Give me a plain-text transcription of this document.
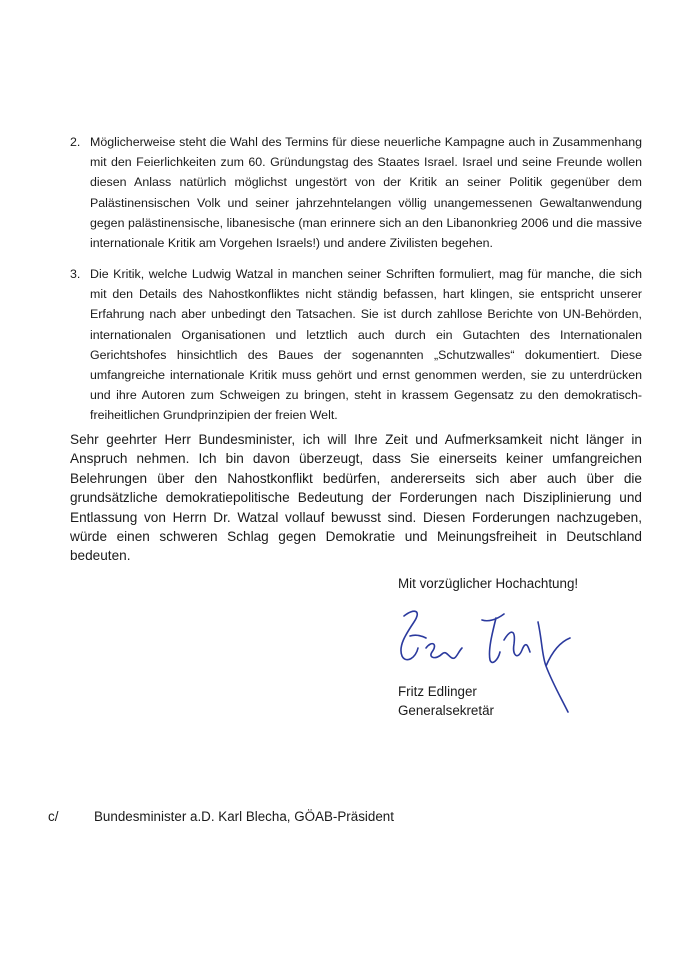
2. Möglicherweise steht die Wahl des Termins für diese neuerliche Kampagne auch in Zusammenhang mit den Feierlichkeiten zum 60. Gründungstag des Staates Israel. Israel und seine Freunde wollen diesen Anlass natürlich möglichst ungestört von der Kritik an seiner Politik gegenüber dem Palästinensischen Volk und seiner jahrzehntelangen völlig unangemessenen Gewaltanwendung gegen palästinensische, libanesische (man erinnere sich an den Libanonkrieg 2006 und die massive internationale Kritik am Vorgehen Israels!) und andere Zivilisten begehen.
3. Die Kritik, welche Ludwig Watzal in manchen seiner Schriften formuliert, mag für manche, die sich mit den Details des Nahostkonfliktes nicht ständig befassen, hart klingen, sie entspricht unserer Erfahrung nach aber unbedingt den Tatsachen. Sie ist durch zahllose Berichte von UN-Behörden, internationalen Organisationen und letztlich auch durch ein Gutachten des Internationalen Gerichtshofes hinsichtlich des Baues der sogenannten „Schutzwalles“ dokumentiert. Diese umfangreiche internationale Kritik muss gehört und ernst genommen werden, sie zu unterdrücken und ihre Autoren zum Schweigen zu bringen, steht in krassem Gegensatz zu den demokratisch-freiheitlichen Grundprinzipien der freien Welt.
Sehr geehrter Herr Bundesminister, ich will Ihre Zeit und Aufmerksamkeit nicht länger in Anspruch nehmen. Ich bin davon überzeugt, dass Sie einerseits keiner umfangreichen Belehrungen über den Nahostkonflikt bedürfen, andererseits sich aber auch über die grundsätzliche demokratiepolitische Bedeutung der Forderungen nach Disziplinierung und Entlassung von Herrn Dr. Watzal vollauf bewusst sind. Diesen Forderungen nachzugeben, würde einen schweren Schlag gegen Demokratie und Meinungsfreiheit in Deutschland bedeuten.
Mit vorzüglicher Hochachtung!
Fritz Edlinger
Generalsekretär
c/	Bundesminister a.D. Karl Blecha, GÖAB-Präsident
